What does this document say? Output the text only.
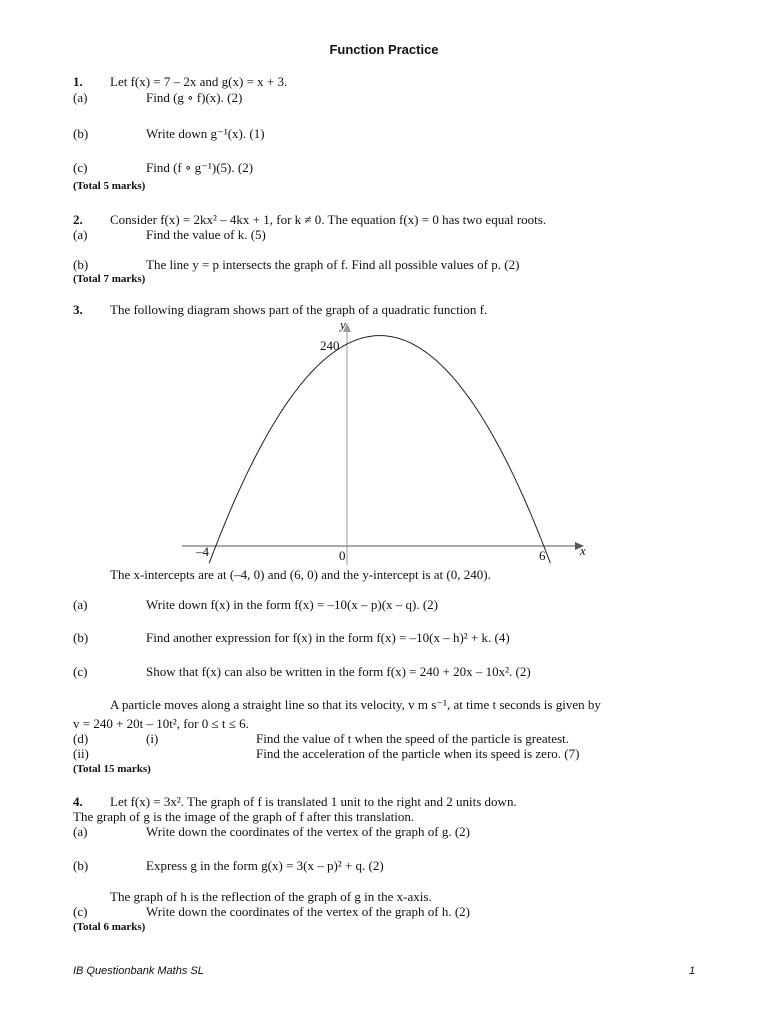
Function Practice
1. Let f(x) = 7 – 2x and g(x) = x + 3.
(a)	Find (g ∘ f)(x). (2)
(b)	Write down g⁻¹(x). (1)
(c)	Find (f ∘ g⁻¹)(5). (2)
(Total 5 marks)
2. Consider f(x) = 2kx² – 4kx + 1, for k ≠ 0. The equation f(x) = 0 has two equal roots.
(a)	Find the value of k. (5)
(b)	The line y = p intersects the graph of f. Find all possible values of p. (2)
(Total 7 marks)
3. The following diagram shows part of the graph of a quadratic function f.
y
x
240
0
–4	6
The x-intercepts are at (–4, 0) and (6, 0) and the y-intercept is at (0, 240).
(a)	Write down f(x) in the form f(x) = –10(x – p)(x – q). (2)
(b)	Find another expression for f(x) in the form f(x) = –10(x – h)² + k. (4)
(c)	Show that f(x) can also be written in the form f(x) = 240 + 20x – 10x². (2)
A particle moves along a straight line so that its velocity, v m s⁻¹, at time t seconds is given by
v = 240 + 20t – 10t², for 0 ≤ t ≤ 6.
(d)	(i)	Find the value of t when the speed of the particle is greatest.
(ii)	Find the acceleration of the particle when its speed is zero. (7)
(Total 15 marks)
4. Let f(x) = 3x². The graph of f is translated 1 unit to the right and 2 units down.
The graph of g is the image of the graph of f after this translation.
(a)	Write down the coordinates of the vertex of the graph of g. (2)
(b)	Express g in the form g(x) = 3(x – p)² + q. (2)
The graph of h is the reflection of the graph of g in the x-axis.
(c)	Write down the coordinates of the vertex of the graph of h. (2)
(Total 6 marks)
IB Questionbank Maths SL	1
